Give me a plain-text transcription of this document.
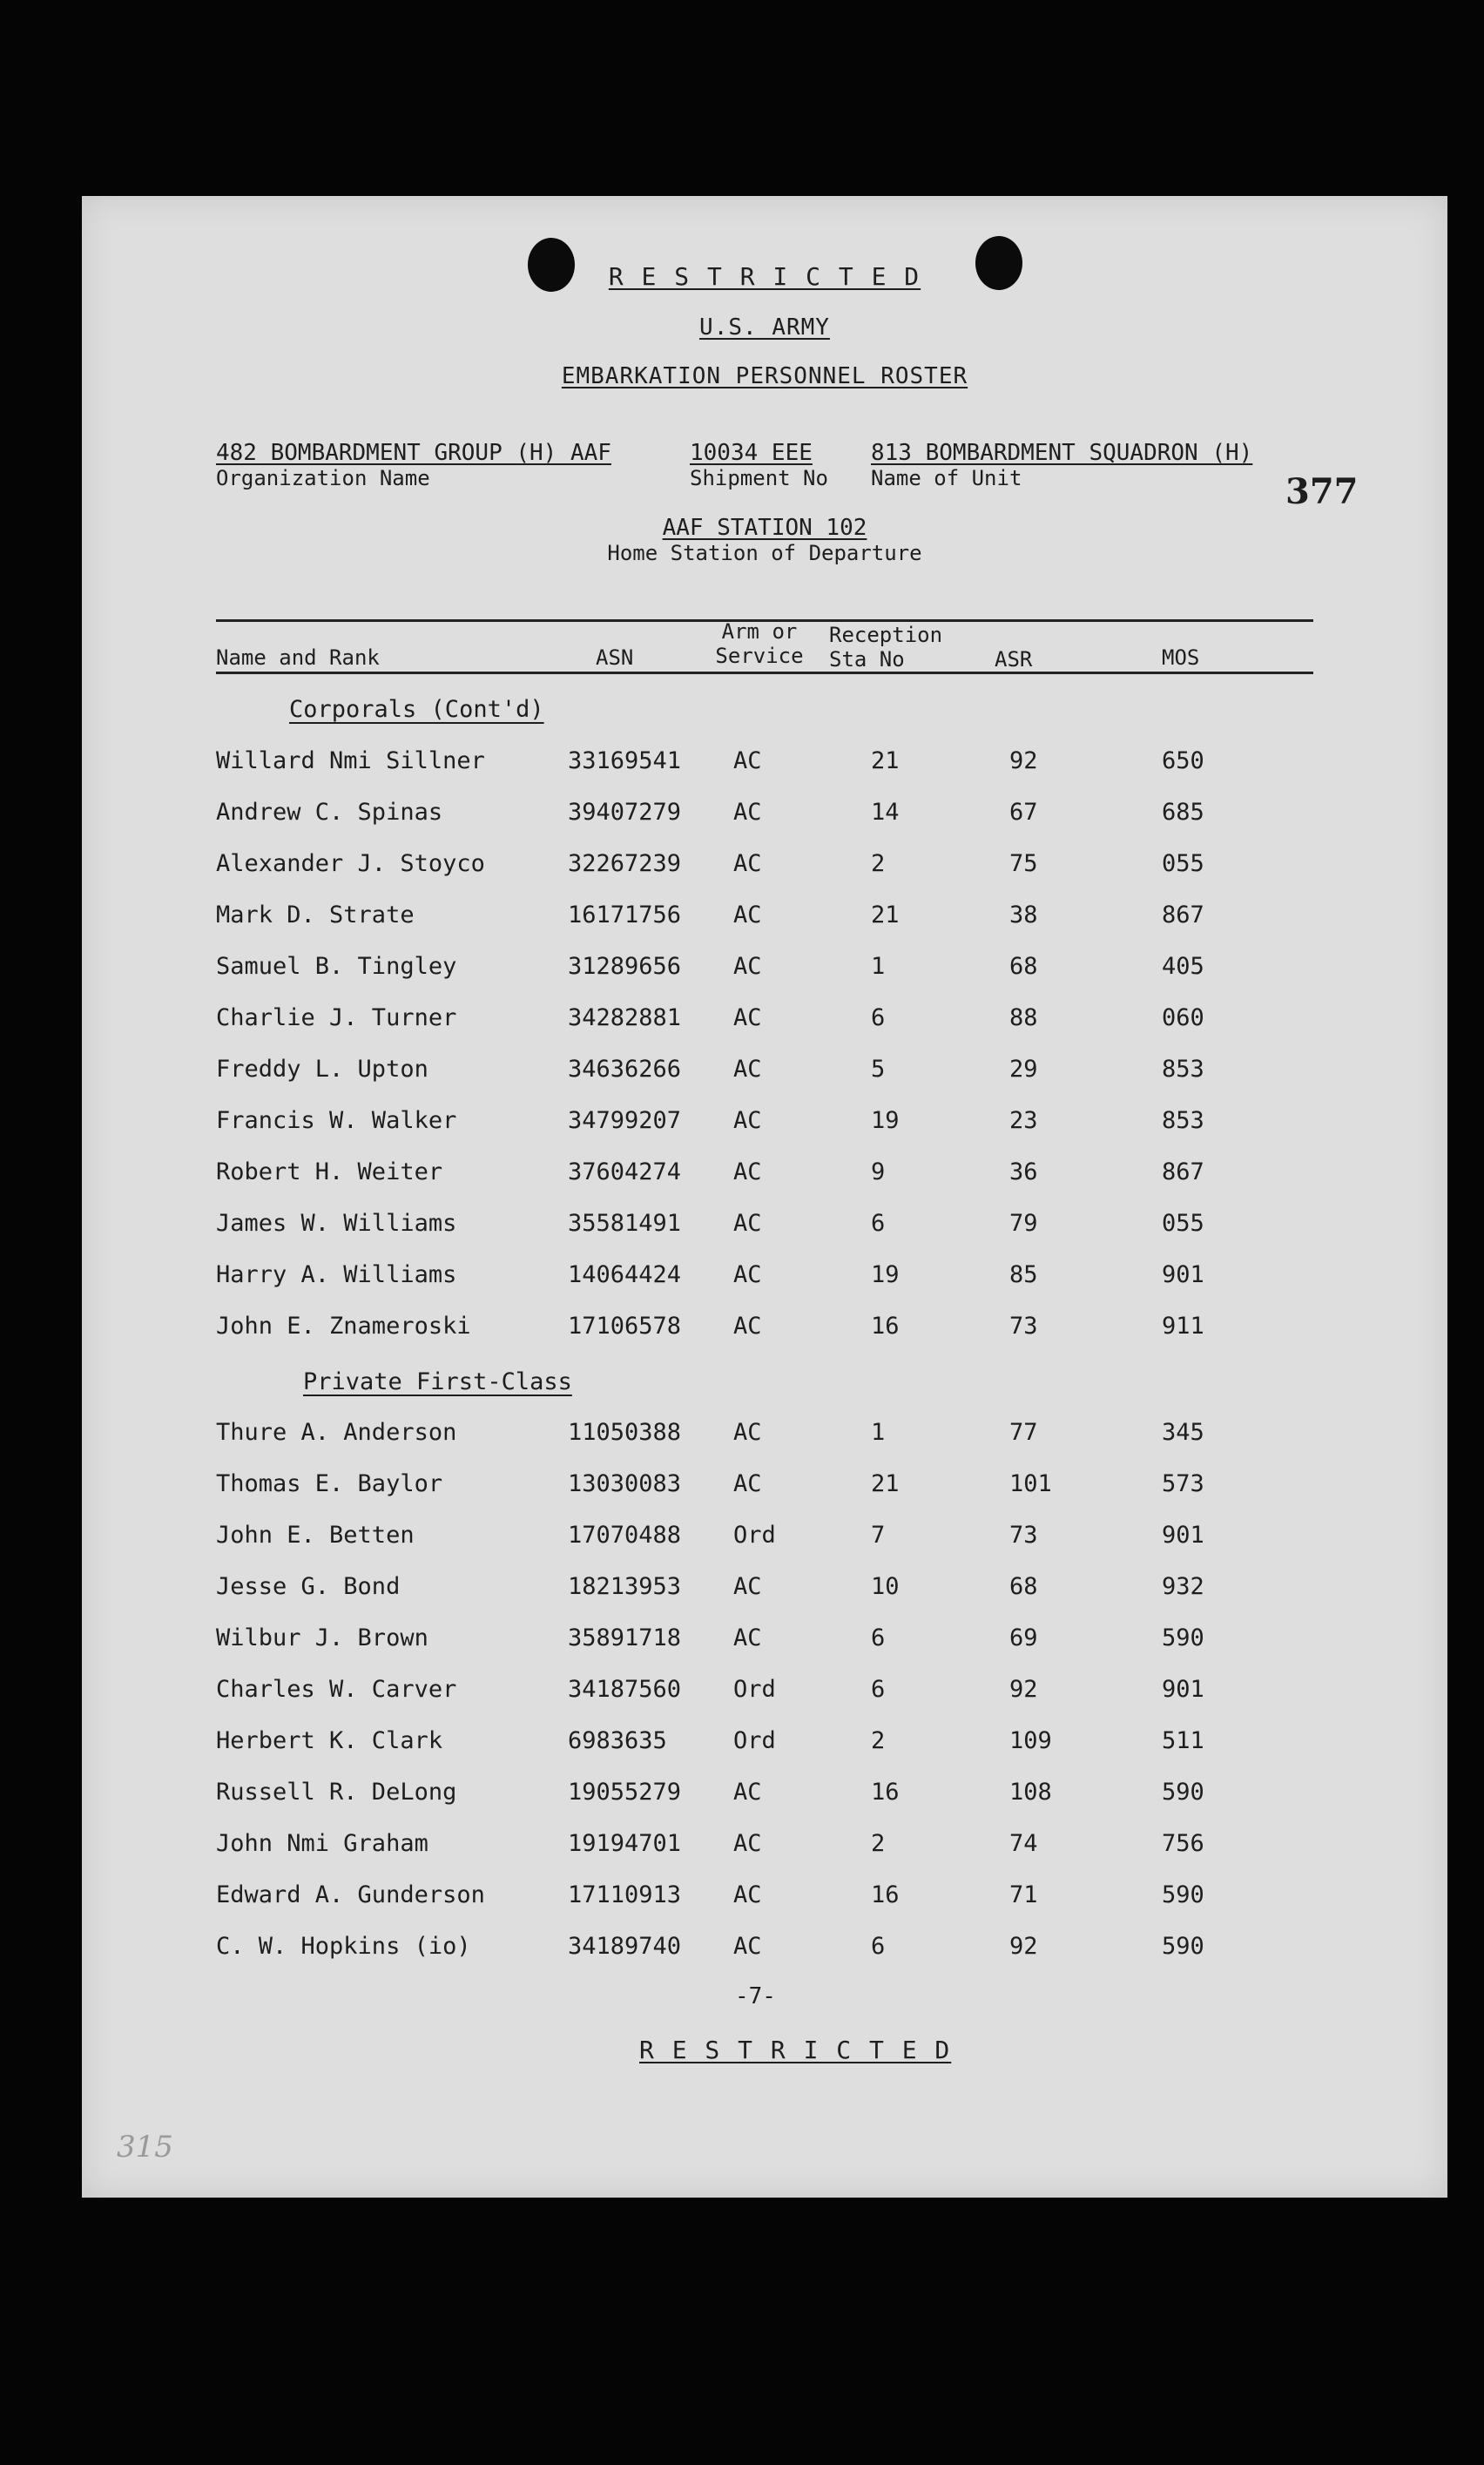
R E S T R I C T E D
U.S. ARMY
EMBARKATION PERSONNEL ROSTER
482 BOMBARDMENT GROUP (H) AAF
Organization Name
10034 EEE
Shipment No
813 BOMBARDMENT SQUADRON (H)
Name of Unit	377
AAF STATION 102
Home Station of Departure
Name and Rank	ASN
Arm or
Service
Reception
Sta No	ASR	MOS
Corporals (Cont'd)
Willard Nmi Sillner	33169541 AC	21	92	650
Andrew C. Spinas	39407279 AC	14	67	685
Alexander J. Stoyco	32267239 AC	2	75	055
Mark D. Strate	16171756 AC	21	38	867
Samuel B. Tingley	31289656 AC	1	68	405
Charlie J. Turner	34282881 AC	6	88	060
Freddy L. Upton	34636266 AC	5	29	853
Francis W. Walker	34799207 AC	19	23	853
Robert H. Weiter	37604274 AC	9	36	867
James W. Williams	35581491 AC	6	79	055
Harry A. Williams	14064424 AC	19	85	901
John E. Znameroski	17106578 AC	16	73	911
Private First-Class
Thure A. Anderson	11050388 AC	1	77	345
Thomas E. Baylor	13030083 AC	21	101	573
John E. Betten	17070488 Ord	7	73	901
Jesse G. Bond	18213953 AC	10	68	932
Wilbur J. Brown	35891718 AC	6	69	590
Charles W. Carver	34187560 Ord	6	92	901
Herbert K. Clark	6983635	Ord	2	109	511
Russell R. DeLong	19055279 AC	16	108	590
John Nmi Graham	19194701 AC	2	74	756
Edward A. Gunderson	17110913 AC	16	71	590
C. W. Hopkins (io)	34189740 AC	6	92	590
-7-
R E S T R I C T E D
315
